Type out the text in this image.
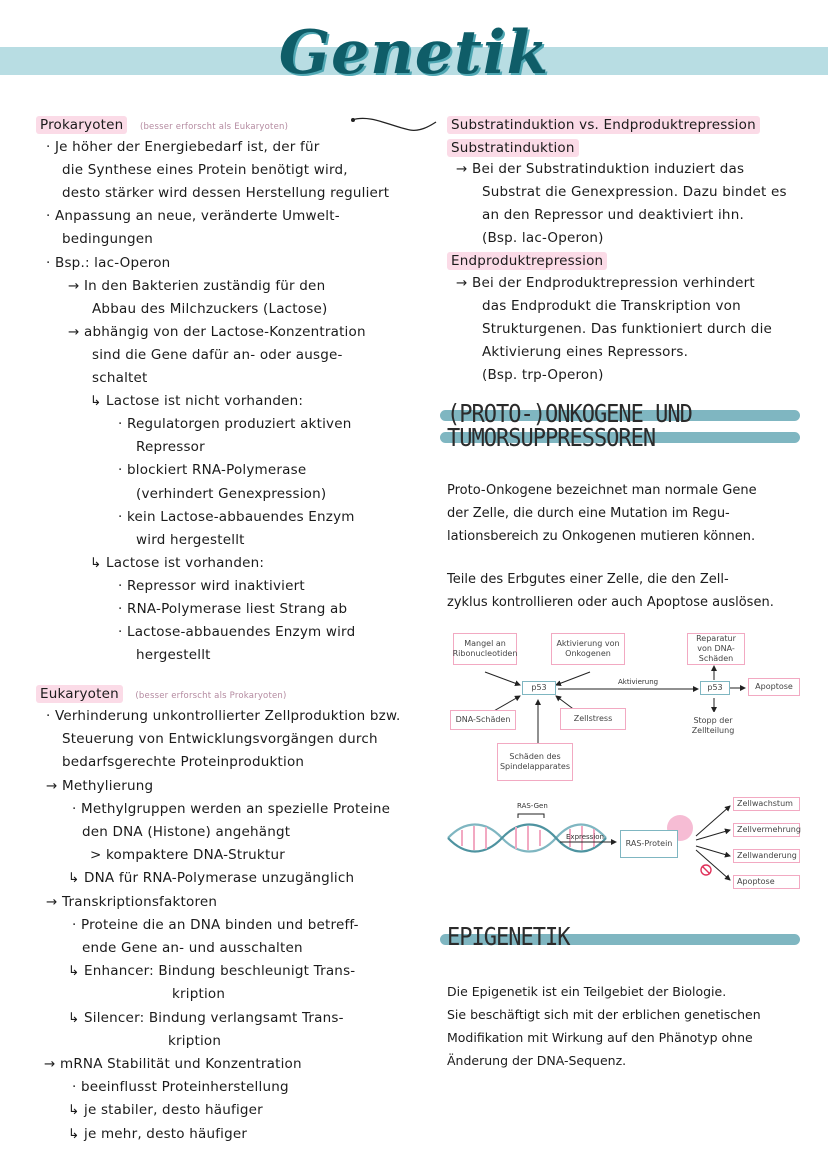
Genetik
Prokaryoten (besser erforscht als Eukaryoten)
· Je höher der Energiebedarf ist, der für
die Synthese eines Protein benötigt wird,
desto stärker wird dessen Herstellung reguliert
· Anpassung an neue, veränderte Umwelt-
bedingungen
· Bsp.: lac-Operon
→ In den Bakterien zuständig für den
Abbau des Milchzuckers (Lactose)
→ abhängig von der Lactose-Konzentration
sind die Gene dafür an- oder ausge-
schaltet
↳ Lactose ist nicht vorhanden:
· Regulatorgen produziert aktiven
Repressor
· blockiert RNA-Polymerase
(verhindert Genexpression)
· kein Lactose-abbauendes Enzym
wird hergestellt
↳ Lactose ist vorhanden:
· Repressor wird inaktiviert
· RNA-Polymerase liest Strang ab
· Lactose-abbauendes Enzym wird
hergestellt
Eukaryoten (besser erforscht als Prokaryoten)
· Verhinderung unkontrollierter Zellproduktion bzw.
Steuerung von Entwicklungsvorgängen durch
bedarfsgerechte Proteinproduktion
→ Methylierung
· Methylgruppen werden an spezielle Proteine
den DNA (Histone) angehängt
> kompaktere DNA-Struktur
↳ DNA für RNA-Polymerase unzugänglich
→ Transkriptionsfaktoren
· Proteine die an DNA binden und betreff-
ende Gene an- und ausschalten
↳ Enhancer: Bindung beschleunigt Trans-
kription
↳ Silencer: Bindung verlangsamt Trans-
kription
→ mRNA Stabilität und Konzentration
· beeinflusst Proteinherstellung
↳ je stabiler, desto häufiger
↳ je mehr, desto häufiger
Substratinduktion vs. Endproduktrepression
Substratinduktion
→ Bei der Substratinduktion induziert das
Substrat die Genexpression. Dazu bindet es
an den Repressor und deaktiviert ihn.
(Bsp. lac-Operon)
Endproduktrepression
→ Bei der Endproduktrepression verhindert
das Endprodukt die Transkription von
Strukturgenen. Das funktioniert durch die
Aktivierung eines Repressors.
(Bsp. trp-Operon)
(PROTO-)ONKOGENE UND
TUMORSUPPRESSOREN
Proto-Onkogene bezeichnet man normale Gene
der Zelle, die durch eine Mutation im Regu-
lationsbereich zu Onkogenen mutieren können.
Teile des Erbgutes einer Zelle, die den Zell-
zyklus kontrollieren oder auch Apoptose auslösen.
Mangel an Ribonucleotiden
Aktivierung von Onkogenen
Reparatur von DNA-Schäden
p53
Aktivierung
p53	Apoptose
DNA-Schäden	Zellstress	Stopp der Zellteilung
Schäden des Spindelapparates
RAS-Gen
Expression
RAS-Protein
Zellwachstum
Zellvermehrung
Zellwanderung
Apoptose
EPIGENETIK
Die Epigenetik ist ein Teilgebiet der Biologie.
Sie beschäftigt sich mit der erblichen genetischen
Modifikation mit Wirkung auf den Phänotyp ohne
Änderung der DNA-Sequenz.
